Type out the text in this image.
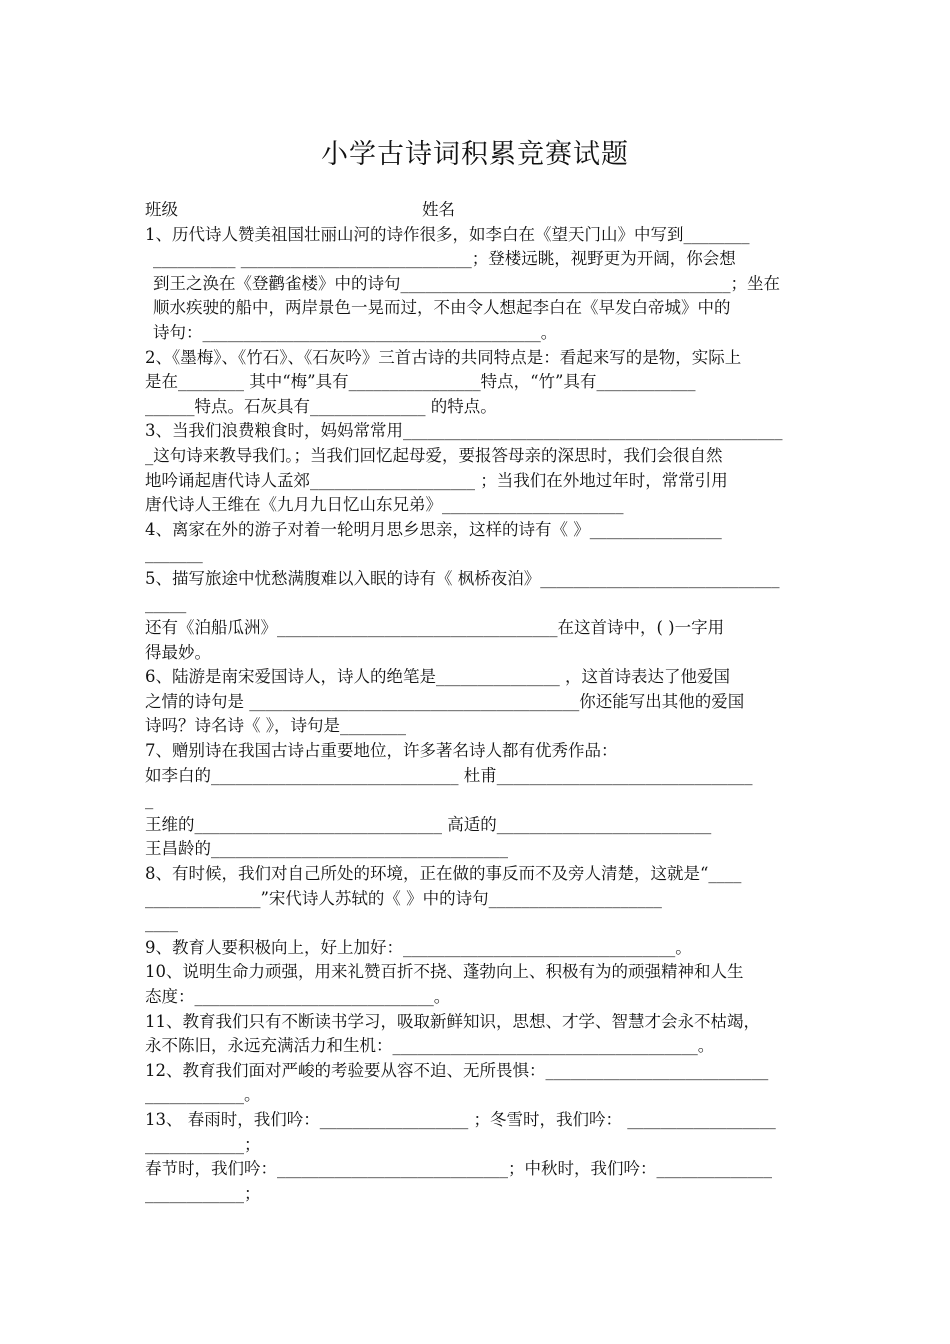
小学古诗词积累竞赛试题
班级	姓名
1、历代诗人赞美祖国壮丽山河的诗作很多，如李白在《望天门山》中写到________
__________ ____________________________；登楼远眺，视野更为开阔，你会想
到王之涣在《登鹳雀楼》中的诗句________________________________________；坐在
顺水疾驶的船中，两岸景色一晃而过，不由令人想起李白在《早发白帝城》中的
诗句：_________________________________________。
2、《墨梅》、《竹石》、《石灰吟》三首古诗的共同特点是：看起来写的是物，实际上
是在________ 其中“梅”具有________________特点，“竹”具有____________
______特点。石灰具有______________ 的特点。
3、当我们浪费粮食时，妈妈常常用______________________________________________
_这句诗来教导我们。；当我们回忆起母爱，要报答母亲的深思时，我们会很自然
地吟诵起唐代诗人孟郊____________________ ；当我们在外地过年时，常常引用
唐代诗人王维在《九月九日忆山东兄弟》______________________
4、离家在外的游子对着一轮明月思乡思亲，这样的诗有《 》________________
_______
5、描写旅途中忧愁满腹难以入眠的诗有《 枫桥夜泊》_____________________________
_____
还有《泊船瓜洲》__________________________________在这首诗中，( )一字用
得最妙。
6、陆游是南宋爱国诗人，诗人的绝笔是_______________ ，这首诗表达了他爱国
之情的诗句是 ________________________________________你还能写出其他的爱国
诗吗？诗名诗《 》，诗句是________
7、赠别诗在我国古诗占重要地位，许多著名诗人都有优秀作品：
如李白的______________________________ 杜甫_______________________________
_
王维的______________________________ 高适的__________________________
王昌龄的____________________________________
8、有时候，我们对自己所处的环境，正在做的事反而不及旁人清楚，这就是“____
______________”宋代诗人苏轼的《 》中的诗句_____________________
____
9、教育人要积极向上，好上加好：_________________________________。
10、说明生命力顽强，用来礼赞百折不挠、蓬勃向上、积极有为的顽强精神和人生
态度：_____________________________。
11、教育我们只有不断读书学习，吸取新鲜知识，思想、才学、智慧才会永不枯竭，
永不陈旧，永远充满活力和生机：_____________________________________。
12、教育我们面对严峻的考验要从容不迫、无所畏惧：___________________________
____________。
13、 春雨时，我们吟：__________________ ；冬雪时，我们吟： __________________
____________；
春节时，我们吟：____________________________；中秋时，我们吟：______________
____________；
